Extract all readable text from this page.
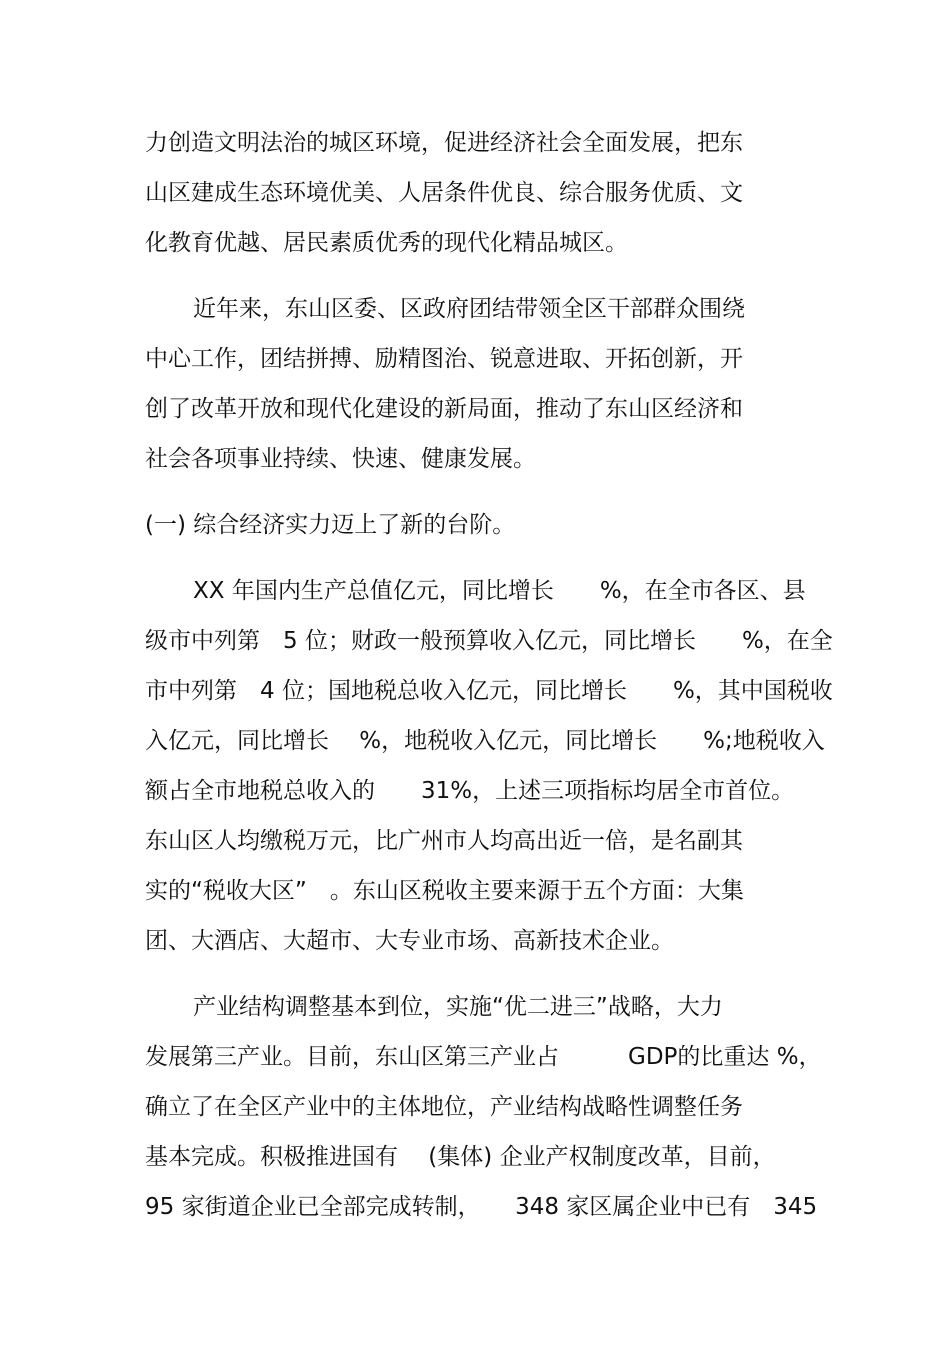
力创造文明法治的城区环境，促进经济社会全面发展，把东

山区建成生态环境优美、人居条件优良、综合服务优质、文

化教育优越、居民素质优秀的现代化精品城区。

近年来，东山区委、区政府团结带领全区干部群众围绕

中心工作，团结拼搏、励精图治、锐意进取、开拓创新，开

创了改革开放和现代化建设的新局面，推动了东山区经济和

社会各项事业持续、快速、健康发展。

(一) 综合经济实力迈上了新的台阶。

XX 年国内生产总值亿元，同比增长　　%，在全市各区、县

级市中列第　5 位；财政一般预算收入亿元，同比增长　　%，在全

市中列第　4 位；国地税总收入亿元，同比增长　　%，其中国税收

入亿元，同比增长　 %，地税收入亿元，同比增长　　%;地税收入

额占全市地税总收入的　　31%，上述三项指标均居全市首位。

东山区人均缴税万元，比广州市人均高出近一倍，是名副其

实的“税收大区”　。东山区税收主要来源于五个方面：大集

团、大酒店、大超市、大专业市场、高新技术企业。

产业结构调整基本到位，实施“优二进三”战略，大力

发展第三产业。目前，东山区第三产业占　　　GDP的比重达 %，

确立了在全区产业中的主体地位，产业结构战略性调整任务

基本完成。积极推进国有　 (集体) 企业产权制度改革，目前，

95 家街道企业已全部完成转制，　　348 家区属企业中已有　345
